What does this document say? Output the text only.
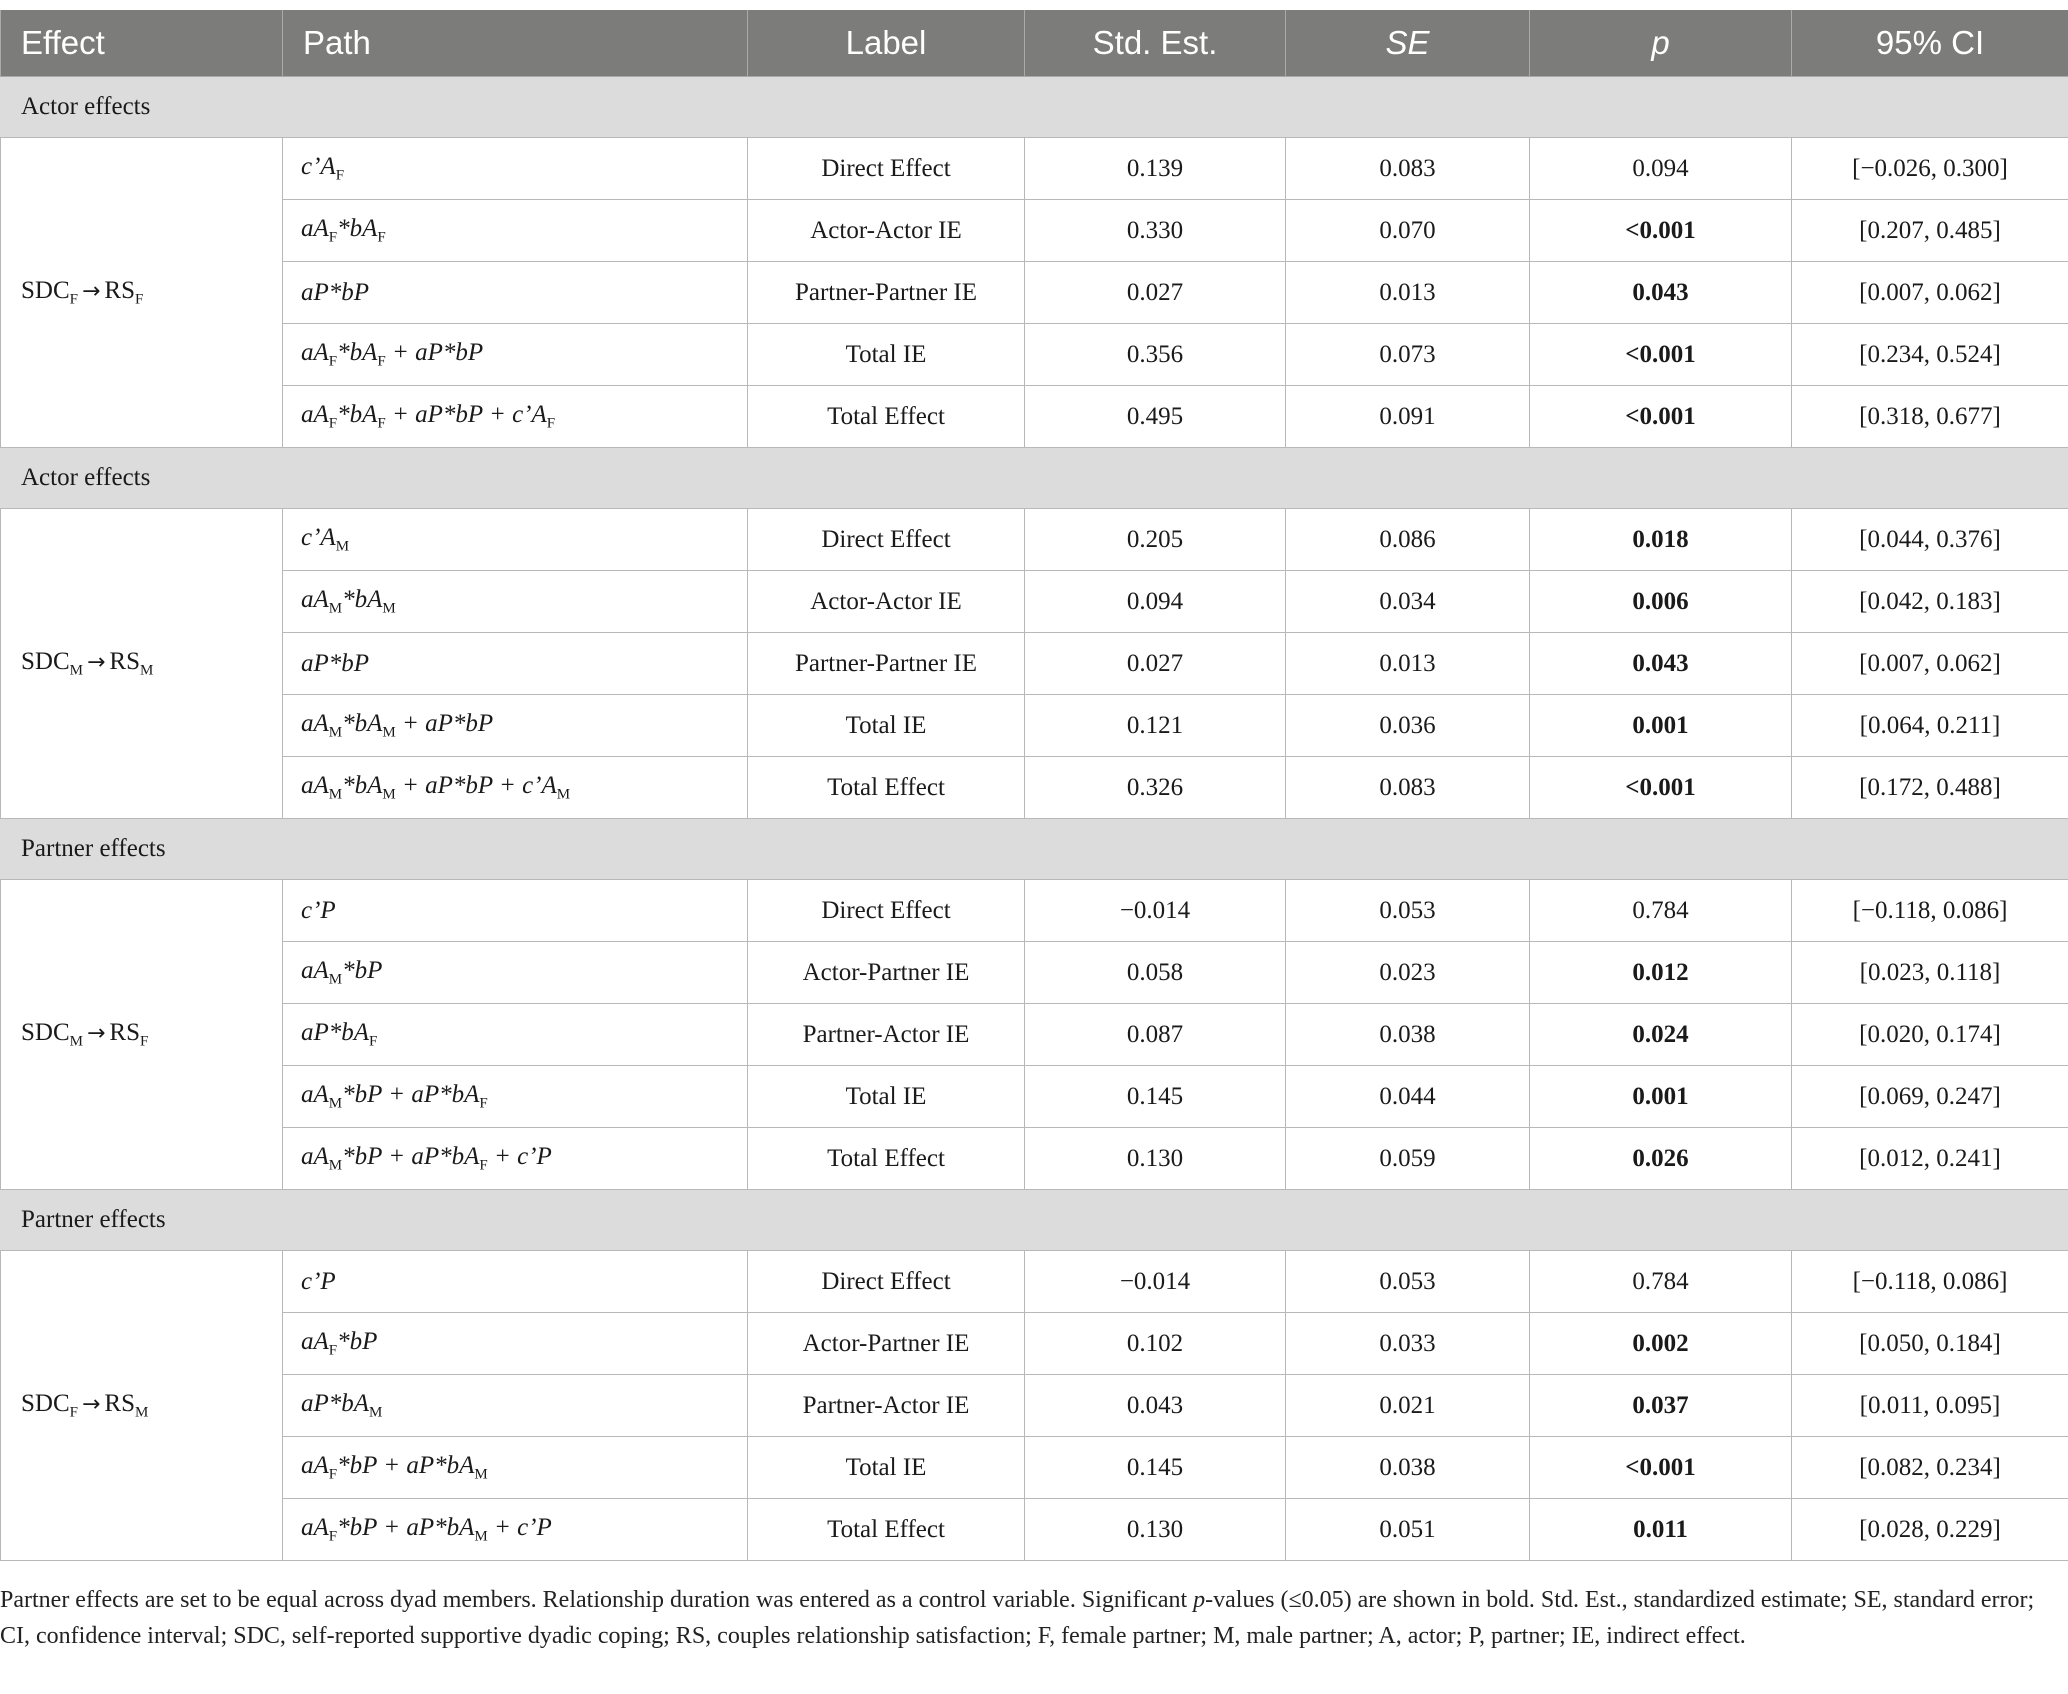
Effect	Path	Label	Std. Est.	SE	p	95% CI
Actor effects						
$SDC_F \to RS_F$	$c’A_F$	Direct Effect	0.139	0.083	0.094	[−0.026, 0.300]
	$aA_F*bA_F$	Actor-Actor IE	0.330	0.070	<0.001	[0.207, 0.485]
	aP*bP	Partner-Partner IE	0.027	0.013	0.043	[0.007, 0.062]
	$aA_F*bA_F + aP*bP$	Total IE	0.356	0.073	<0.001	[0.234, 0.524]
	$aA_F*bA_F + aP*bP$ + $c’A_F$	Total Effect	0.495	0.091	<0.001	[0.318, 0.677]
Actor effects						
$SDC_M \to RS_M$	$c’A_M$	Direct Effect	0.205	0.086	0.018	[0.044, 0.376]
	$aA_M*bA_M$	Actor-Actor IE	0.094	0.034	0.006	[0.042, 0.183]
	aP*bP	Partner-Partner IE	0.027	0.013	0.043	[0.007, 0.062]
	$aA_M*bA_M + aP*bP$	Total IE	0.121	0.036	0.001	[0.064, 0.211]
	$aA_M*bA_M + aP*bP$ + $c’A_M$	Total Effect	0.326	0.083	<0.001	[0.172, 0.488]
Partner effects						
$SDC_M \to RS_F$	c’P	Direct Effect	−0.014	0.053	0.784	[−0.118, 0.086]
	$aA_M*bP$	Actor-Partner IE	0.058	0.023	0.012	[0.023, 0.118]
	$aP*bA_F$	Partner-Actor IE	0.087	0.038	0.024	[0.020, 0.174]
	$aA_M*bP + aP*bA_F$	Total IE	0.145	0.044	0.001	[0.069, 0.247]
	$aA_M*bP + aP*bA_F$ + c’P	Total Effect	0.130	0.059	0.026	[0.012, 0.241]
Partner effects						
$SDC_F \to RS_M$	c’P	Direct Effect	−0.014	0.053	0.784	[−0.118, 0.086]
	$aA_F*bP$	Actor-Partner IE	0.102	0.033	0.002	[0.050, 0.184]
	$aP*bA_M$	Partner-Actor IE	0.043	0.021	0.037	[0.011, 0.095]
	$aA_F*bP + aP*bA_M$	Total IE	0.145	0.038	<0.001	[0.082, 0.234]
	$aA_F*bP + aP*bA_M$ + c’P	Total Effect	0.130	0.051	0.011	[0.028, 0.229]
Partner effects are set to be equal across dyad members. Relationship duration was entered as a control variable. Significant p-values (≤0.05) are shown in bold. Std. Est., standardized estimate; SE, standard error; CI, confidence interval; SDC, self-reported supportive dyadic coping; RS, couples relationship satisfaction; F, female partner; M, male partner; A, actor; P, partner; IE, indirect effect.
